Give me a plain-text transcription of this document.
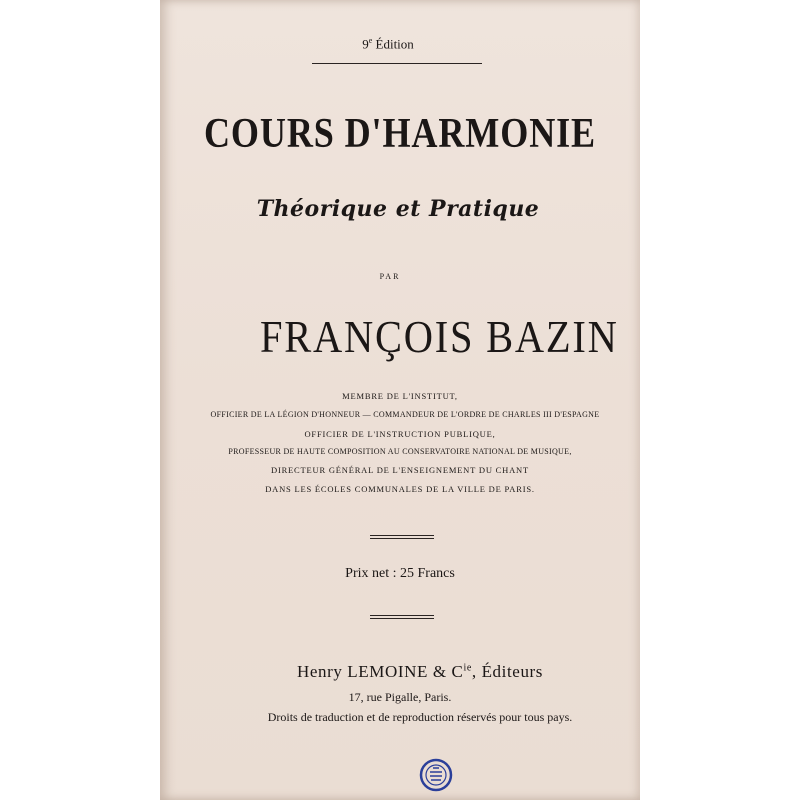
9e Édition
COURS D'HARMONIE
Théorique et Pratique
PAR
FRANÇOIS BAZIN
MEMBRE DE L'INSTITUT,
OFFICIER DE LA LÉGION D'HONNEUR — COMMANDEUR DE L'ORDRE DE CHARLES III D'ESPAGNE
OFFICIER DE L'INSTRUCTION PUBLIQUE,
PROFESSEUR DE HAUTE COMPOSITION AU CONSERVATOIRE NATIONAL DE MUSIQUE,
DIRECTEUR GÉNÉRAL DE L'ENSEIGNEMENT DU CHANT
DANS LES ÉCOLES COMMUNALES DE LA VILLE DE PARIS.
Prix net : 25 Francs
Henry LEMOINE & $C^{ie}$, Éditeurs
17, rue Pigalle, Paris.
Droits de traduction et de reproduction réservés pour tous pays.
